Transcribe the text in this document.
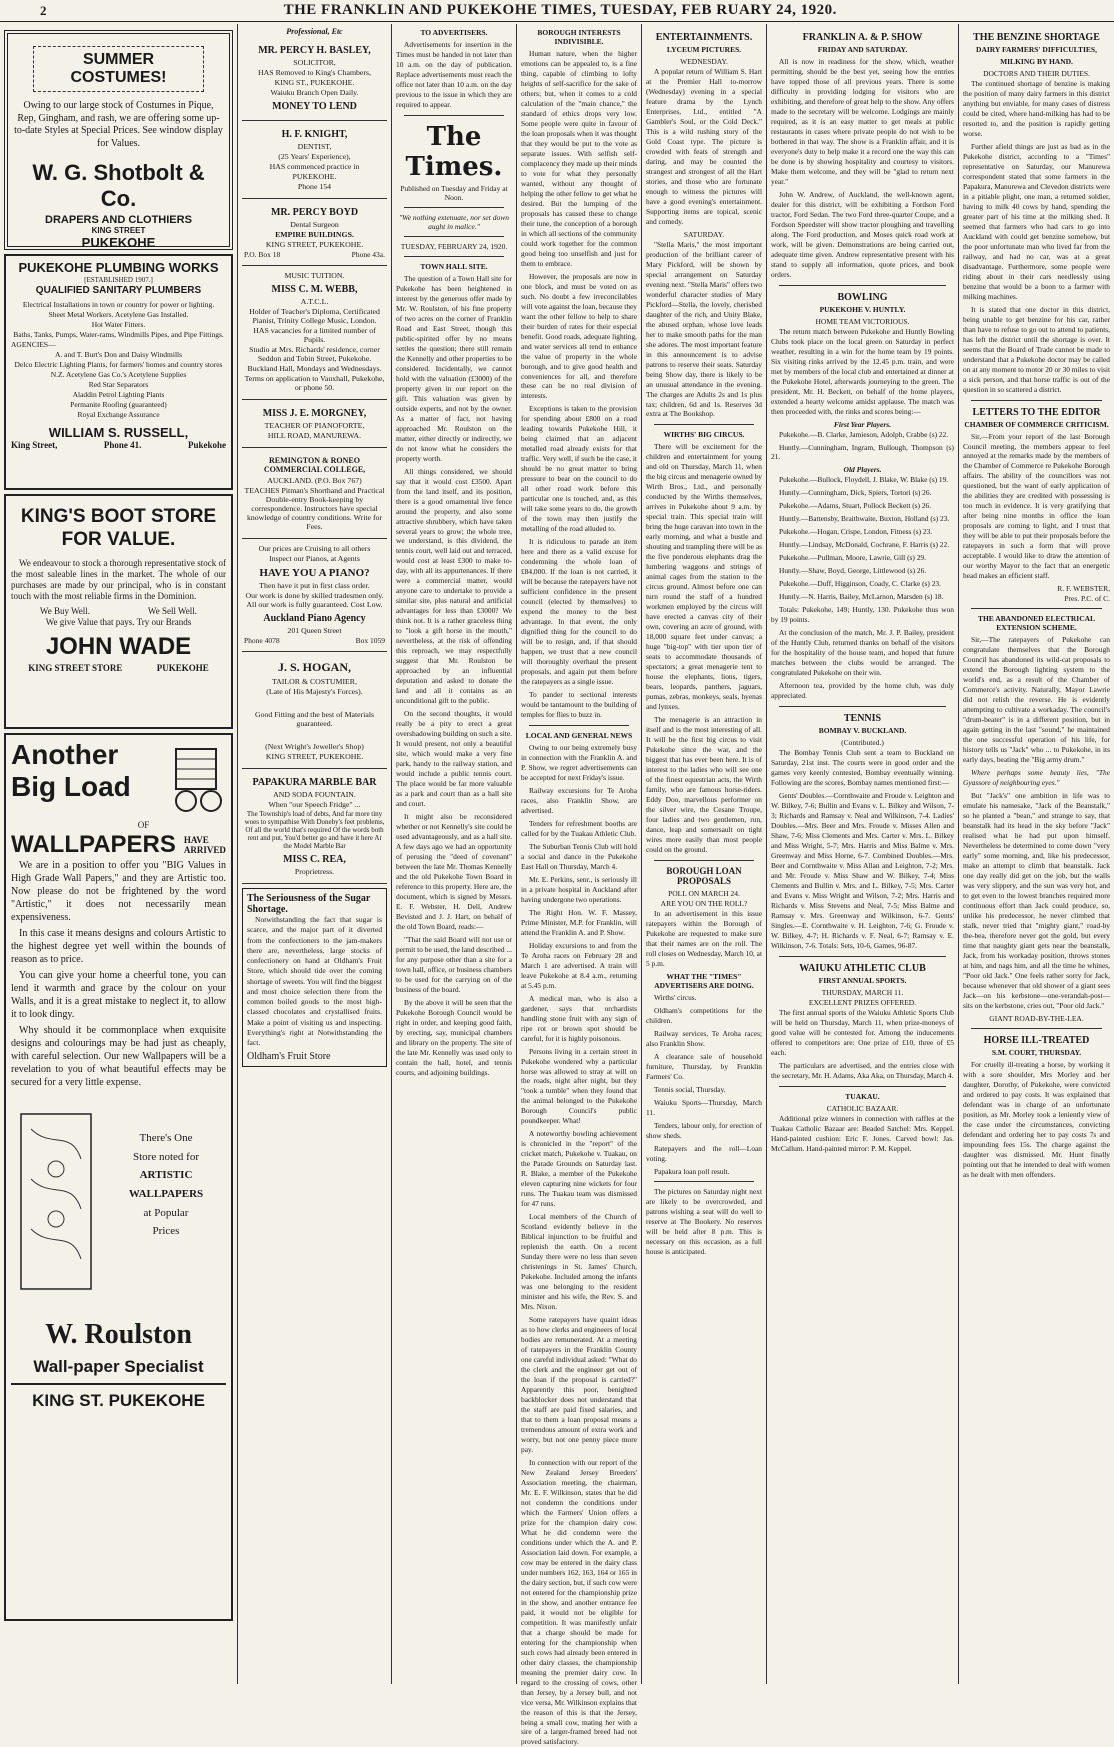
2	THE FRANKLIN AND PUKEKOHE TIMES, TUESDAY, FEB RUARY 24, 1920.
SUMMER COSTUMES!

Owing to our large stock of Costumes in Pique, Rep, Gingham, and rash, we are offering some up-to-date Styles at Special Prices. See window display for Values.

W. G. Shotbolt & Co.
DRAPERS AND CLOTHIERS
KING STREET
PUKEKOHE
PUKEKOHE PLUMBING WORKS
[ESTABLISHED 1907.]
QUALIFIED SANITARY PLUMBERS
Electrical Installations in town or country for power or lighting.
Sheet Metal Workers. Acetylene Gas Installed.
Hot Water Fitters.
Baths, Tanks, Pumps, Water-rams, Windmills Pipes, and Pipe Fittings.
AGENCIES—
A. and T. Burt's Don and Daisy Windmills
Delco Electric Lighting Plants, for farmers' homes and country stores
N.Z. Acetylene Gas Co.'s Acetylene Supplies
Red Star Separators
Aladdin Petrol Lighting Plants
Permanite Roofing (guaranteed)
Royal Exchange Assurance
WILLIAM S. RUSSELL,
King Street,	Phone 41.	Pukekohe
KING'S BOOT STORE FOR VALUE.

We endeavour to stock a thorough representative stock of the most saleable lines in the market. The whole of our purchases are made by our principal, who is in constant touch with the most reliable firms in the Dominion.

We Buy Well.	We Sell Well.
We give Value that pays. Try our Brands
JOHN WADE
KING STREET STORE	PUKEKOHE
Another
Big Load
OF
WALLPAPERS HAVE
ARRIVED

We are in a position to offer you "BIG Values in High Grade Wall Papers," and they are Artistic too. Now please do not be frightened by the word "Artistic," it does not necessarily mean expensiveness.

In this case it means designs and colours Artistic to the highest degree yet well within the bounds of reason as to price.

You can give your home a cheerful tone, you can lend it warmth and grace by the colour on your Walls, and it is a great mistake to neglect it, to allow it to look dingy.

Why should it be commonplace when exquisite designs and colourings may be had just as cheaply, with careful selection. Our new Wallpapers will be a revelation to you of what beautiful effects may be secured for a very little expense.

There's One
Store noted for
ARTISTIC
WALLPAPERS
at Popular
Prices
W. Roulston
Wall-paper Specialist
KING ST. PUKEKOHE
Professional, Etc
MR. PERCY H. BASLEY,
SOLICITOR,
HAS Removed to King's Chambers,
KING ST., PUKEKOHE.
Waiuku Branch Open Daily.
MONEY TO LEND
H. F. KNIGHT,
DENTIST,
(25 Years' Experience),
HAS commenced practice in
PUKEKOHE.
Phone 154
MR. PERCY BOYD
Dental Surgeon
EMPIRE BUILDINGS.
KING STREET, PUKEKOHE.
P.O. Box 18	Phone 43a.
MUSIC TUITION.
MISS C. M. WEBB,
A.T.C.L.
Holder of Teacher's Diploma, Certificated Pianist, Trinity College Music, London.
HAS vacancies for a limited number of Pupils.
Studio at Mrs. Richards' residence, corner Seddon and Tobin Street, Pukekohe.
Buckland Hall, Mondays and Wednesdays.
Terms on application to Vauxhall, Pukekohe, or phone 50.
MISS J. E. MORGNEY,
TEACHER OF PIANOFORTE,
HILL ROAD, MANUREWA.
REMINGTON & RONEO COMMERCIAL COLLEGE,
AUCKLAND. (P.O. Box 767)
TEACHES Pitman's Shorthand and Practical Double-entry Book-keeping by correspondence. Instructors have special knowledge of country conditions. Write for Fees.
Our prices are Cruising to all others
Inspect our Pianos, at Agents
HAVE YOU A PIANO?
Then have it put in first class order.
Our work is done by skilled tradesmen only. All our work is fully guaranteed. Cost Low.
Auckland Piano Agency
201 Queen Street
Phone 4078	Box 1059
J. S. HOGAN,
TAILOR & COSTUMIER,
(Late of His Majesty's Forces).
Good Fitting and the best of Materials guaranteed.
(Next Wright's Jeweller's Shop)
KING STREET, PUKEKOHE.
PAPAKURA MARBLE BAR
AND SODA FOUNTAIN.
When "our Speech Fridge" ...
The Township's load of debts, And far more tiny woes to sympathise With Doneby's feet problems, Of all the world that's required Of the words both rent and put, You'd better go and have it here At the Model Marble Bar
MISS C. REA,
Proprietress.
The Seriousness of the Sugar Shortage.

Notwithstanding the fact that sugar is scarce, and the major part of it diverted from the confectioners to the jam-makers there are, nevertheless, large stocks of confectionery on hand at Oldham's Fruit Store, which should tide over the coming shortage of sweets. You will find the biggest and most choice selection there from the common boiled goods to the most high-classed chocolates and crystallised fruits. Make a point of visiting us and inspecting. Everything's right at Notwithstanding the fact.

Oldham's Fruit Store
TO ADVERTISERS.

Advertisements for insertion in the Times must be handed in not later than 10 a.m. on the day of publication. Replace advertisements must reach the office not later than 10 a.m. on the day previous to the issue in which they are required to appear.

The Times.
Published on Tuesday and Friday at Noon.
"We nothing extenuate, nor set down aught in malice."
TUESDAY, FEBRUARY 24, 1920.
TOWN HALL SITE.

The question of a Town Hall site for Pukekohe has been heightened in interest by the generous offer made by Mr. W. Roulston, of his fine property of two acres on the corner of Franklin Road and East Street, though this public-spirited offer by no means settles the question; there still remain the Kennelly and other properties to be considered. Incidentally, we cannot hold with the valuation (£3000) of the property given in our report on the gift. This valuation was given by outside experts, and not by the owner. As a matter of fact, not having approached Mr. Roulston on the matter, either directly or indirectly, we do not know what he considers the property worth.

All things considered, we should say that it would cost £3500. Apart from the land itself, and its position, there is a good ornamental live fence around the property, and also some attractive shrubbery, which have taken several years to grow; the whole tree, we understand, is this dividend, the tennis court, well laid out and terraced, would cost at least £300 to make to-day, with all its appurtenances. If there were a commercial matter, would anyone care to undertake to provide a similar site, plus natural and artificial advantages for less than £3000? We think not. It is a rather graceless thing to "look a gift horse in the mouth," nevertheless, at the risk of offending this reproach, we may respectfully suggest that Mr. Roulston be approached by an influential deputation and asked to donate the land and all it contains as an unconditional gift to the public.

On the second thoughts, it would really be a pity to erect a great overshadowing building on such a site. It would present, not only a beautiful site, which would make a very fine park, handy to the railway station, and would include a public tennis court. The place would be far more valuable as a park and court than as a hall site and court.

It might also be reconsidered whether or not Kennelly's site could be used advantageously, and as a hall site. A few days ago we had an opportunity of perusing the "deed of covenant" between the late Mr. Thomas Kennelly and the old Pukekohe Town Board in reference to this property. Here are, the document, which is signed by Messrs. E. F. Webster, H. Dell, Andrew Bevisted and J. J. Hart, on behalf of the old Town Board, reads:—

"That the said Board will not use or permit to be used, the land described ... for any purpose other than a site for a town hall, office, or business chambers to be used for the carrying on of the business of the board.

By the above it will be seen that the Pukekohe Borough Council would be right in order, and keeping good faith, by erecting, say, municipal chambers and library on the property. The site of the late Mr. Kennelly was used only to contain the hall, hotel, and tennis courts, and adjoining buildings.

BOROUGH INTERESTS INDIVISIBLE.

Human nature, when the higher emotions can be appealed to, is a fine thing, capable of climbing to lofty heights of self-sacrifice for the sake of others; but, when it comes to a cold calculation of the "main chance," the standard of ethics drops very low. Some people were quite in favour of the loan proposals when it was thought that they would be put to the vote as separate issues. With selfish self-complacency they made up their minds to vote for what they personally wanted, without any thought of helping the other fellow to get what he desired. But the lumping of the proposals has caused these to change their tune, the conception of a borough in which all sections of the community could work together for the common good being too unselfish and just for them to embrace.

However, the proposals are now in one block, and must be voted on as such. No doubt a few irreconcilables will vote against the loan, because they want the other fellow to help to share their burden of rates for their especial benefit. Good roads, adequate lighting, and water services all tend to enhance the value of property in the whole borough, and to give good health and conveniences for all, and therefore these can be no real division of interests.

Exceptions is taken to the provision for spending about £800 on a road leading towards Pukekohe Hill, it being claimed that an adjacent metalled road already exists for that traffic. Very well, if such be the case, it should be no great matter to bring pressure to bear on the council to do all other road work before this particular one is touched, and, as this will take some years to do, the growth of the town may then justify the metalling of the road alluded to.

It is ridiculous to parade an item here and there as a valid excuse for condemning the whole loan of £84,000. If the loan is not carried, it will be because the ratepayers have not sufficient confidence in the present council (elected by themselves) to expend the money to the best advantage. In that event, the only dignified thing for the council to do will be to resign, and, if that should happen, we trust that a new council will thoroughly overhaul the present proposals, and again put them before the ratepayers as a single issue.

To pander to sectional interests would be tantamount to the building of temples for flies to buzz in.

LOCAL AND GENERAL NEWS

Owing to our being extremely busy in connection with the Franklin A. and P. Show, we regret advertisements can be accepted for next Friday's issue.

Railway excursions for Te Aroha races, also Franklin Show, are advertised.

Tenders for refreshment booths are called for by the Tuakau Athletic Club.

The Suburban Tennis Club will hold a social and dance in the Pukekohe East Hall on Thursday, March 4.

Mr. E. Perkins, senr., is seriously ill in a private hospital in Auckland after having undergone two operations.

The Right Hon. W. F. Massey, Prime Minister, M.P. for Franklin, will attend the Franklin A. and P. Show.

Holiday excursions to and from the Te Aroha races on February 28 and March 1 are advertised. A train will leave Pukekohe at 8.4 a.m., returning at 5.45 p.m.

A medical man, who is also a gardener, says that orchardists handling stone fruit with any sign of ripe rot or brown spot should be careful, for it is highly poisonous.

Persons living in a certain street in Pukekohe wondered why a particular horse was allowed to stray at will on the roads, night after night, but they "took a tumble" when they found that the animal belonged to the Pukekohe Borough Council's public poundkeeper. What!

A noteworthy bowling achievement is chronicled in the "report" of the cricket match, Pukekohe v. Tuakau, on the Parade Grounds on Saturday last. R. Blake, a member of the Pukekohe eleven capturing nine wickets for four runs. The Tuakau team was dismissed for 47 runs.

Local members of the Church of Scotland evidently believe in the Biblical injunction to be fruitful and replenish the earth. On a recent Sunday there were no less than seven christenings in St. James' Church, Pukekohe. Included among the infants was one belonging to the resident minister and his wife, the Rev. S. and Mrs. Nixon.

Some ratepayers have quaint ideas as to how clerks and engineers of local bodies are remunerated. At a meeting of ratepayers in the Franklin County one careful individual asked: "What do the clerk and the engineer get out of the loan if the proposal is carried?" Apparently this poor, benighted backblocker does not understand that the staff are paid fixed salaries, and that to them a loan proposal means a tremendous amount of extra work and worry, but not one penny piece more pay.

In connection with our report of the New Zealand Jersey Breeders' Association meeting, the chairman, Mr. E. F. Wilkinson, states that he did not condemn the conditions under which the Farmers' Union offers a prize for the champion dairy cow. What he did condemn were the conditions under which the A. and P. Association laid down. For example, a cow may be entered in the dairy class under numbers 162, 163, 164 or 165 in the dairy section, but, if such cow were not entered for the championship prize in the show, and another entrance fee paid, it would not be eligible for competition. It was manifestly unfair that a charge should be made for entering for the championship when such cows had already been entered in other dairy classes, the championship meaning the premier dairy cow. In regard to the crossing of cows, other than Jersey, by a Jersey bull, and not vice versa, Mr. Wilkinson explains that the reason of this is that the Jersey, being a small cow, mating her with a sire of a larger-framed breed had not proved satisfactory.

ENTERTAINMENTS.
LYCEUM PICTURES.
WEDNESDAY.

A popular return of William S. Hart at the Premier Hall to-morrow (Wednesday) evening in a special feature drama by the Lynch Enterprises, Ltd., entitled "A Gambler's Soul, or the Cold Deck." This is a wild rushing story of the Gold Coast type. The picture is crowded with feats of strength and daring, and may be counted the strangest and strongest of all the Hart stories, and those who are fortunate enough to witness the pictures will have a good evening's entertainment. Supporting items are topical, scenic and comedy.

SATURDAY.

"Stella Maris," the most important production of the brilliant career of Mary Pickford, will be shown by special arrangement on Saturday evening next. "Stella Maris" offers two wonderful character studies of Mary Pickford—Stella, the lovely, cherished daughter of the rich, and Unity Blake, the abused orphan, whose love leads her to make smooth paths for the man she adores. The most important feature in this announcement is to advise patrons to reserve their seats. Saturday being Show day, there is likely to be an unusual attendance in the evening. The charges are Adults 2s and 1s plus tax; children, 6d and 1s. Reserves 3d extra at The Bookshop.

WIRTHS' BIG CIRCUS.

There will be excitement for the children and entertainment for young and old on Thursday, March 11, when the big circus and menagerie owned by Wirth Bros., Ltd., and personally conducted by the Wirths themselves, arrives in Pukekohe about 9 a.m. by special train. This special train will bring the huge caravan into town in the early morning, and what a bustle and shouting and trampling there will be as the five ponderous elephants drag the lumbering waggons and strings of animal cages from the station to the circus ground. Almost before one can turn round the staff of a hundred workmen employed by the circus will have erected a canvas city of their own, covering an acre of ground, with 18,000 square feet under canvas; a huge "big-top" with tier upon tier of seats to accommodate thousands of spectators; a great menagerie tent to house the elephants, lions, tigers, bears, leopards, panthers, jaguars, pumas, zebras, monkeys, seals, hyenas and lynxes.

The menagerie is an attraction in itself and is the most interesting of all. It will be the first big circus to visit Pukekohe since the war, and the biggest that has ever been here. It is of interest to the ladies who will see one of the finest equestrian acts, the Wirth family, who are famous horse-riders. Eddy Doo, marvellous performer on the silver wire, the Cesane Troupe, four ladies and two gentlemen, run, dance, leap and somersault on tight wires more easily than most people could on the ground.

BOROUGH LOAN PROPOSALS
POLL ON MARCH 24.
ARE YOU ON THE ROLL?

In an advertisement in this issue ratepayers within the Borough of Pukekohe are requested to make sure that their names are on the roll. The roll closes on Wednesday, March 10, at 5 p.m.

WHAT THE "TIMES" ADVERTISERS ARE DOING.

Wirths' circus.

Oldham's competitions for the children.

Railway services, Te Aroha races; also Franklin Show.

A clearance sale of household furniture, Thursday, by Franklin Farmers' Co.

Tennis social, Thursday.

Waiuku Sports—Thursday, March 11.

Tenders, labour only, for erection of show sheds.

Ratepayers and the roll—Loan voting.

Papakura loan poll result.

The pictures on Saturday night next are likely to be overcrowded, and patrons wishing a seat will do well to reserve at The Bookery. No reserves will be held after 8 p.m. This is necessary on this occasion, as a full house is anticipated.

FRANKLIN A. & P. SHOW
FRIDAY AND SATURDAY.

All is now in readiness for the show, which, weather permitting, should be the best yet, seeing how the entries have topped those of all previous years. There is some difficulty in providing lodging for visitors who are exhibiting, and therefore of great help to the show. Any offers made to the secretary will be welcome. Lodgings are mainly required, as it is an easy matter to get meals at public restaurants in cases where private people do not wish to be bothered in that way. The show is a Franklin affair, and it is everyone's duty to help make it a record one the way this can be done is by showing hospitality and courtesy to visitors. Make them welcome, and they will be "glad to return next year."

John W. Andrew, of Auckland, the well-known agent, dealer for this district, will be exhibiting a Fordson Ford tractor, Ford Sedan. The two Ford three-quarter Coupe, and a Fordson Speedster will show tractor ploughing and travelling along. The Ford production, and Moses quick road work at work, will be given. Demonstrations are being carried out, adequate time given. Andrew representative present with his stand to supply all information, quote prices, and book orders.

BOWLING
PUKEKOHE V. HUNTLY.
HOME TEAM VICTORIOUS.

The return match between Pukekohe and Huntly Bowling Clubs took place on the local green on Saturday in perfect weather, resulting in a win for the home team by 19 points. Six visiting rinks arrived by the 12.45 p.m. train, and were met by members of the local club and entertained at dinner at the Pukekohe Hotel, afterwards journeying to the green. The president, Mr. H. Beckett, on behalf of the home players, extended a hearty welcome amidst applause. The match was then proceeded with, the rinks and scores being:—

First Year Players.

Pukekohe.—B. Clarke, Jamieson, Adolph, Crabbe (s) 22.

Huntly.—Cunningham, Ingram, Bullough, Thompson (s) 21.

Old Players.

Pukekohe.—Bullock, Floydell, J. Blake, W. Blake (s) 19.

Huntly.—Cunningham, Dick, Spiers, Tortori (s) 26.

Pukekohe.—Adams, Stuart, Pollock Beckett (s) 26.

Huntly.—Battensby, Braithwaite, Buxton, Holland (s) 23.

Pukekohe.—Hogan, Crispe, London, Fitness (s) 23.

Huntly.—Lindsay, McDonald, Cochrane, F. Harris (s) 22.

Pukekohe.—Pullman, Moore, Lawrie, Gill (s) 29.

Huntly.—Shaw, Boyd, George, Littlewood (s) 26.

Pukekohe.—Duff, Higginson, Coady, C. Clarke (s) 23.

Huntly.—N. Harris, Bailey, McLarnon, Marsden (s) 18.

Totals: Pukekohe, 149; Huntly, 130. Pukekohe thus won by 19 points.

At the conclusion of the match, Mr. J. P. Bailey, president of the Huntly Club, returned thanks on behalf of the visitors for the hospitality of the house team, and hoped that future matches between the clubs would be arranged. The congratulated Pukekohe on their win.

Afternoon tea, provided by the home club, was duly appreciated.

TENNIS
BOMBAY V. BUCKLAND.
(Contributed.)

The Bombay Tennis Club sent a team to Buckland on Saturday, 21st inst. The courts were in good order and the games very keenly contested, Bombay eventually winning. Following are the scores, Bombay names mentioned first:—

Gents' Doubles.—Cornthwaite and Froude v. Leighton and W. Bilkey, 7-6; Bullin and Evans v. L. Bilkey and Wilson, 7-3; Richards and Ramsay v. Neal and Wilkinson, 7-4. Ladies' Doubles.—Mrs. Beer and Mrs. Froude v. Misses Allen and Shaw, 7-6; Miss Clements and Mrs. Carter v. Mrs. L. Bilkey and Miss Wright, 5-7; Mrs. Harris and Miss Balme v. Mrs. Greenway and Miss Horne, 6-7. Combined Doubles.—Mrs. Beer and Cornthwaite v. Miss Allan and Leighton, 7-2; Mrs. and Mr. Froude v. Miss Shaw and W. Bilkey, 7-4; Miss Clements and Bullin v. Mrs. and L. Bilkey, 7-5; Mrs. Carter and Evans v. Miss Wright and Wilson, 7-2; Mrs. Harris and Richards v. Miss Stevens and Neal, 7-5; Miss Balme and Ramsay v. Mrs. Greenway and Wilkinson, 6-7. Gents' Singles.—E. Cornthwaite v. H. Leighton, 7-6; G. Froude v. W. Bilkey, 4-7; H. Richards v. F. Neal, 6-7; Ramsay v. E. Wilkinson, 7-6. Totals: Sets, 10-6, Games, 96-87.

WAIUKU ATHLETIC CLUB
FIRST ANNUAL SPORTS.
THURSDAY, MARCH 11.
EXCELLENT PRIZES OFFERED.

The first annual sports of the Waiuku Athletic Sports Club will be held on Thursday, March 11, when prize-moneys of good value will be contested for. Among the inducements offered to competitors are: One prize of £10, three of £5 each.

The particulars are advertised, and the entries close with the secretary, Mr. H. Adams, Aka Aka, on Thursday, March 4.

TUAKAU.
CATHOLIC BAZAAR.

Additional prize winners in connection with raffles at the Tuakau Catholic Bazaar are: Beaded Satchel: Mrs. Keppel. Hand-painted cushion: Eric F. Jones. Carved bowl: Jas. McCallum. Hand-painted mirror: P. M. Keppel.

THE BENZINE SHORTAGE
DAIRY FARMERS' DIFFICULTIES,
MILKING BY HAND.
DOCTORS AND THEIR DUTIES.

The continued shortage of benzine is making the position of many dairy farmers in this district anything but enviable, for many cases of distress could be cited, where hand-milking has had to be resorted to, and the position is rapidly getting worse.

Further afield things are just as bad as in the Pukekohe district, according to a "Times" representative on Saturday, our Manurewa correspondent stated that some farmers in the Papakura, Manurewa and Clevedon districts were in a pitiable plight, one man, a returned soldier, having to milk 40 cows by hand, spending the greater part of his time at the milking shed. It seemed that farmers who had cars to go into Auckland with could get benzine somehow, but the poor unfortunate man who lived far from the railway, and had no car, was at a great disadvantage. Furthermore, some people were riding about in their cars needlessly using benzine that would be a boon to a farmer with milking machines.

It is stated that one doctor in this district, being unable to get benzine for his car, rather than have to refuse to go out to attend to patients, has left the district until the shortage is over. It seems that the Board of Trade cannot be made to understand that a Pukekohe doctor may be called on at any moment to motor 20 or 30 miles to visit a sick person, and that horse traffic is out of the question in so scattered a district.

LETTERS TO THE EDITOR
CHAMBER OF COMMERCE CRITICISM.

Sir,—From your report of the last Borough Council meeting, the members appear to feel annoyed at the remarks made by the members of the Chamber of Commerce re Pukekohe Borough affairs. The ability of the councillors was not questioned, but the want of early application of the abilities they are credited with possessing is too much in evidence. It is very gratifying that after being nine months in office the loan proposals are coming to light, and I trust that they will be able to put their proposals before the ratepayers in such a form that will prove acceptable. I would like to draw the attention of our worthy Mayor to the fact that an energetic head makes an efficient staff.

R. F. WEBSTER,
Pres. P.C. of C.
THE ABANDONED ELECTRICAL EXTENSION SCHEME.

Sir,—The ratepayers of Pukekohe can congratulate themselves that the Borough Council has abandoned its wild-cat proposals to extend the Borough lighting system to the world's end, as a result of the Chamber of Commerce's activity. Naturally, Mayor Lawrie did not relish the reverse. He is evidently attempting to cultivate a workaday. The council's "drum-beater" is in a different position, but in again getting in the last "sound," he maintained the one successful operation of his life, for history tells us "Jack" who ... to Pukekohe, in its early days, beating the "Big army drum."

Where perhaps some beauty lies, "The Gyassore of neighbouring eyes."

But "Jack's" one ambition in life was to emulate his namesake, "Jack of the Beanstalk," so he planted a "bean," and strange to say, that beanstalk had its head in the sky before "Jack" realised what he had put upon himself. Nevertheless he determined to come down "very early" some morning, and, like his predecessor, make an attempt to climb that beanstalk. Jack one day really did get on the job, but the walls was very slippery, and the sun was very hot, and to get even to the lowest branches required more continuous effort than Jack could produce, so, unlike his predecessor, he never climbed that stalk, never tried that "mighty giant," road-by the-bea, therefore never got the gold, but every time that naughty giant gets near the beanstalk, Jack, from his workaday position, throws stones at him, and nags him, and all the time he whines, "Poor old Jack." One feels rather sorry for Jack, because whenever that old shower of a giant sees Jack—on his kerbstone—one-verandah-post—sits on the kerbstone, cries out, "Poor old Jack."

GIANT ROAD-BY-THE-LEA.
HORSE ILL-TREATED
S.M. COURT, THURSDAY.

For cruelly ill-treating a horse, by working it with a sore shoulder, Mrs Morley and her daughter, Dorothy, of Pukekohe, were convicted and ordered to pay costs. It was explained that defendant was in charge of an unfortunate position, as Mr. Morley took a leniently view of the case under the circumstances, convicting defendant and ordering her to pay costs 7s and impounding fees 15s. The charge against the daughter was dismissed. Mr. Hunt finally pointing out that he intended to deal with women as he dealt with men offenders.
